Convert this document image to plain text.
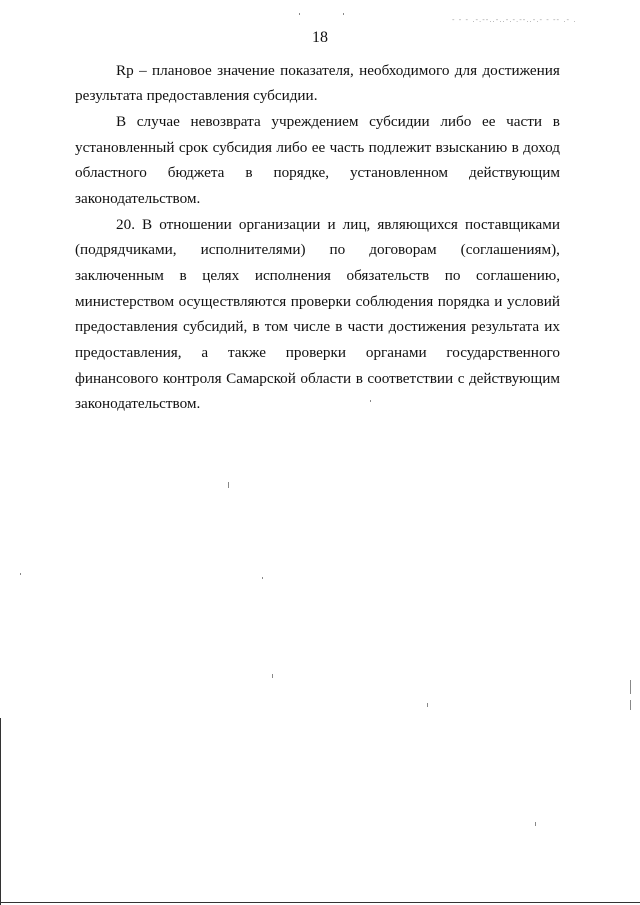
- - - .-.--..-..-.-.--..-.- - -- .- .
18
Rp – плановое значение показателя, необходимого для достижения
результата предоставления субсидии.
В случае невозврата учреждением субсидии либо ее части в
установленный срок субсидия либо ее часть подлежит взысканию в доход
областного бюджета в порядке, установленном действующим
законодательством.
20. В отношении организации и лиц, являющихся поставщиками
(подрядчиками, исполнителями) по договорам (соглашениям),
заключенным в целях исполнения обязательств по соглашению,
министерством осуществляются проверки соблюдения порядка и условий
предоставления субсидий, в том числе в части достижения результата их
предоставления, а также проверки органами государственного
финансового контроля Самарской области в соответствии с действующим
законодательством.
